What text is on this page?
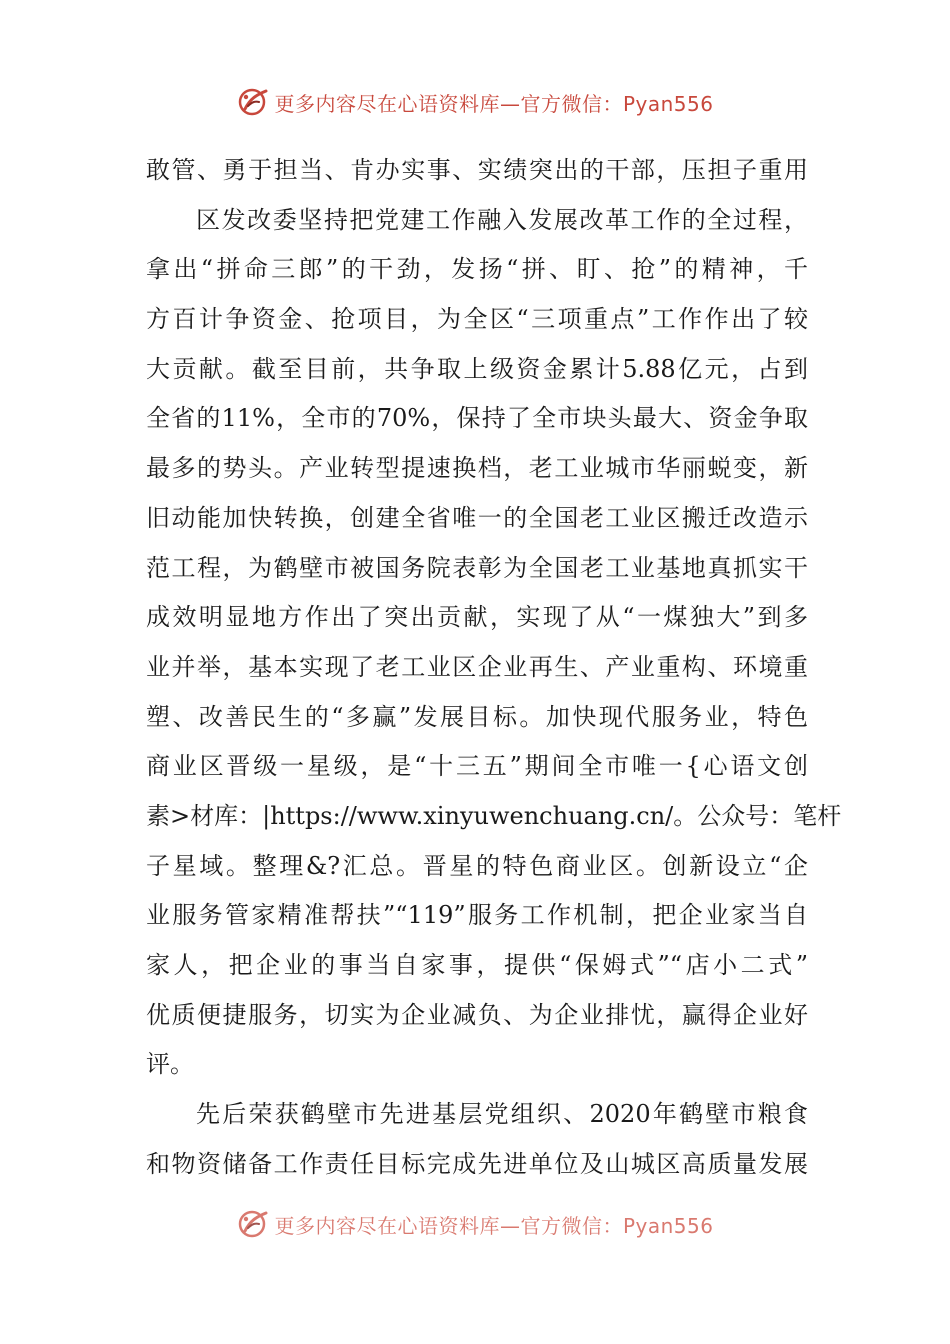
更多内容尽在心语资料库—官方微信：Pyan556
敢管、勇于担当、肯办实事、实绩突出的干部，压担子重用
区发改委坚持把党建工作融入发展改革工作的全过程，
拿出“拼命三郎”的干劲，发扬“拼、盯、抢”的精神，千
方百计争资金、抢项目，为全区“三项重点”工作作出了较
大贡献。截至目前，共争取上级资金累计5.88亿元，占到
全省的11%，全市的70%，保持了全市块头最大、资金争取
最多的势头。产业转型提速换档，老工业城市华丽蜕变，新
旧动能加快转换，创建全省唯一的全国老工业区搬迁改造示
范工程，为鹤壁市被国务院表彰为全国老工业基地真抓实干
成效明显地方作出了突出贡献，实现了从“一煤独大”到多
业并举，基本实现了老工业区企业再生、产业重构、环境重
塑、改善民生的“多赢”发展目标。加快现代服务业，特色
商业区晋级一星级，是“十三五”期间全市唯一{心语文创
素>材库：|https://www.xinyuwenchuang.cn/。公众号：笔杆
子星域。整理&?汇总。晋星的特色商业区。创新设立“企
业服务管家精准帮扶”“119”服务工作机制，把企业家当自
家人，把企业的事当自家事，提供“保姆式”“店小二式”
优质便捷服务，切实为企业减负、为企业排忧，赢得企业好
评。
先后荣获鹤壁市先进基层党组织、2020年鹤壁市粮食
和物资储备工作责任目标完成先进单位及山城区高质量发展
更多内容尽在心语资料库—官方微信：Pyan556
